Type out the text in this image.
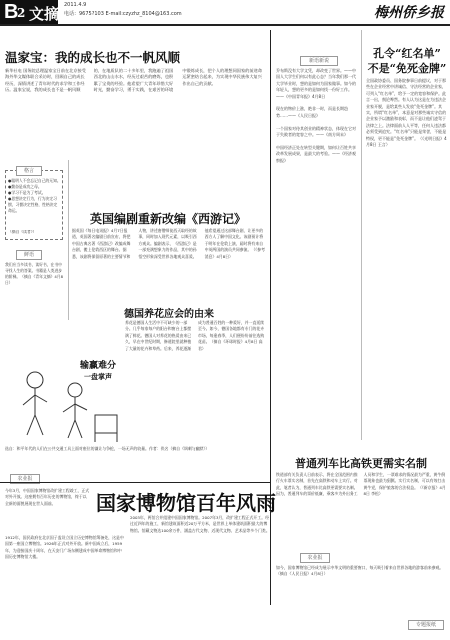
B
2 文摘 2011.4.9
电话：9675?103 E-mail:czyzhz_8104@163.com	梅州侨乡报
温家宝：我的成长也不一帆风顺
新华社电 国务院总理温家宝日前在北京接受海外华文媒体联合采访时，回顾自己的成长经历，深情讲述了青年时代的求学和工作经历。温家宝说，我的成长也不是一帆风顺的，在地质队的二十多年里，我跑遍了祖国西北的山山水水，经历过艰苦的磨炼，也积累了宝贵的经验。他希望广大青年珍惜大好时光，勤奋学习，勇于实践，在艰苦的环境中锻炼成长，把个人的理想同国家的前途命运紧密结合起来，为实现中华民族伟大复兴作出自己的贡献。
新语新说
乔布斯没有大学文凭，却改变了世界。——中国人大学生们何以有此心态？当年我们那一代大学毕业时，想的是如何为国家做事。如今的年轻人，想的更多的是如何找一份好工作。——《中国青年报》4月8日

现在的物价上涨，绝非一时，而是长期趋势……——《人民日报》

一个国家对待其创业的精神状态，体现在它对于失败者的宽容之中。——《南方周末》

中国经济正处在转型关键期，如何让百姓共享改革发展成果，是最大的考验。——《经济观察报》
孔令“红名单”
不是“免死金牌”
全国政协委员、国务院参事日前提议，对于那些在企业经营中讲诚信、守法经营的企业家，可列入“红名单”，给予一定的宽容和保护。此言一出，舆论哗然。有人认为这是在为违法企业家开脱，是给某些人发放“免死金牌”。其实，所谓“红名单”，本意是对那些诚实守信的企业家予以激励和表彰，而不是让他们凌驾于法律之上。法律面前人人平等，任何人违法都必须受到追究。“红名单”只能是荣誉，不能是特权，更不能是“免死金牌”。（《光明日报》4月8日 王言）
格言
●聪明人不会忘记自己的无知。
●勤奋是成功之母。
●学习不是为了考试。
●思想决定行为，行为决定习惯，习惯决定性格，性格决定命运。
（摘自《读者》）
鲜语
我们应当多读书，读好书，在书中寻找人生的答案。书籍是人类进步的阶梯。（摘自《青年文摘》4月8日）
英国编剧重新改编《西游记》
据英国《每日电讯报》4月7日报道，英国著名编剧日前宣布，将把中国古典名著《西游记》改编成舞台剧，搬上伦敦西区的舞台。据悉，该剧将保留原著的主要情节和人物，讲述唐僧师徒西天取经的故事，同时加入现代元素，以吸引西方观众。编剧表示，《西游记》是一部充满想象力的作品，其中的孙悟空形象深受世界各地观众喜爱。他希望通过这部舞台剧，让更多的西方人了解中国文化。该剧预计将于明年在伦敦上演，届时将有来自中英两国的演员共同参演。（《参考消息》4月8日）
德国养花应会的由来
养花是德国人生活中不可缺少的一部分。几乎每家每户的阳台和窗台上都摆满了鲜花。德国人对养花的热爱由来已久，早在中世纪时期，修道院里就种植了大量的花卉和草药。后来，养花逐渐成为普通百姓的一种爱好，并一直延续至今。如今，德国各地都有专门的花卉市场，每逢春季，人们便纷纷前往选购花苗。（摘自《环球时报》4月8日 高君）
输赢难分
一盘掌声
选自：和平年代的人们在公共交通工具上面对座位的谦让与争抢，一场无声的较量。作者：佚名（摘自《讽刺与幽默》）
普通列车比高铁更需实名制
铁道部有关负责人日前表示，将在全国范围内推行火车票实名制，首先在高铁和动车上实行。对此，笔者认为，普通列车比高铁更需要实名制。因为，普通列车的票价低廉，乘客多为外出务工人员和学生，一票难求的情况最为严重，黄牛倒票现象也最为猖獗。实行实名制，可以有效打击黄牛党，保护旅客的合法权益。（《新京报》4月8日 李松）
农业报
农业报
专题报纸
今年3月，中国国家博物馆改扩建工程竣工，正式对外开放。这座拥有百年历史的博物馆，终于以全新的面貌展现在世人面前。	国家博物馆百年风雨
1912年，国民政府在北京国子监设立国立历史博物馆筹备处，这是中国第一座国立博物馆。1926年正式对外开放。新中国成立后，1959年，为迎接国庆十周年，在天安门广场东侧建成中国革命博物馆和中国历史博物馆大楼。
2003年，两馆合并组建中国国家博物馆。2007年3月，改扩建工程正式开工。经过近四年的施工，新馆建筑面积近20万平方米，是世界上单体建筑面积最大的博物馆。馆藏文物达100余万件，涵盖古代文物、近现代文物、艺术品等多个门类。
如今，国家博物馆已经成为展示中华文明的重要窗口，每天吸引着来自世界各地的游客前来参观。（摘自《人民日报》4月8日）
